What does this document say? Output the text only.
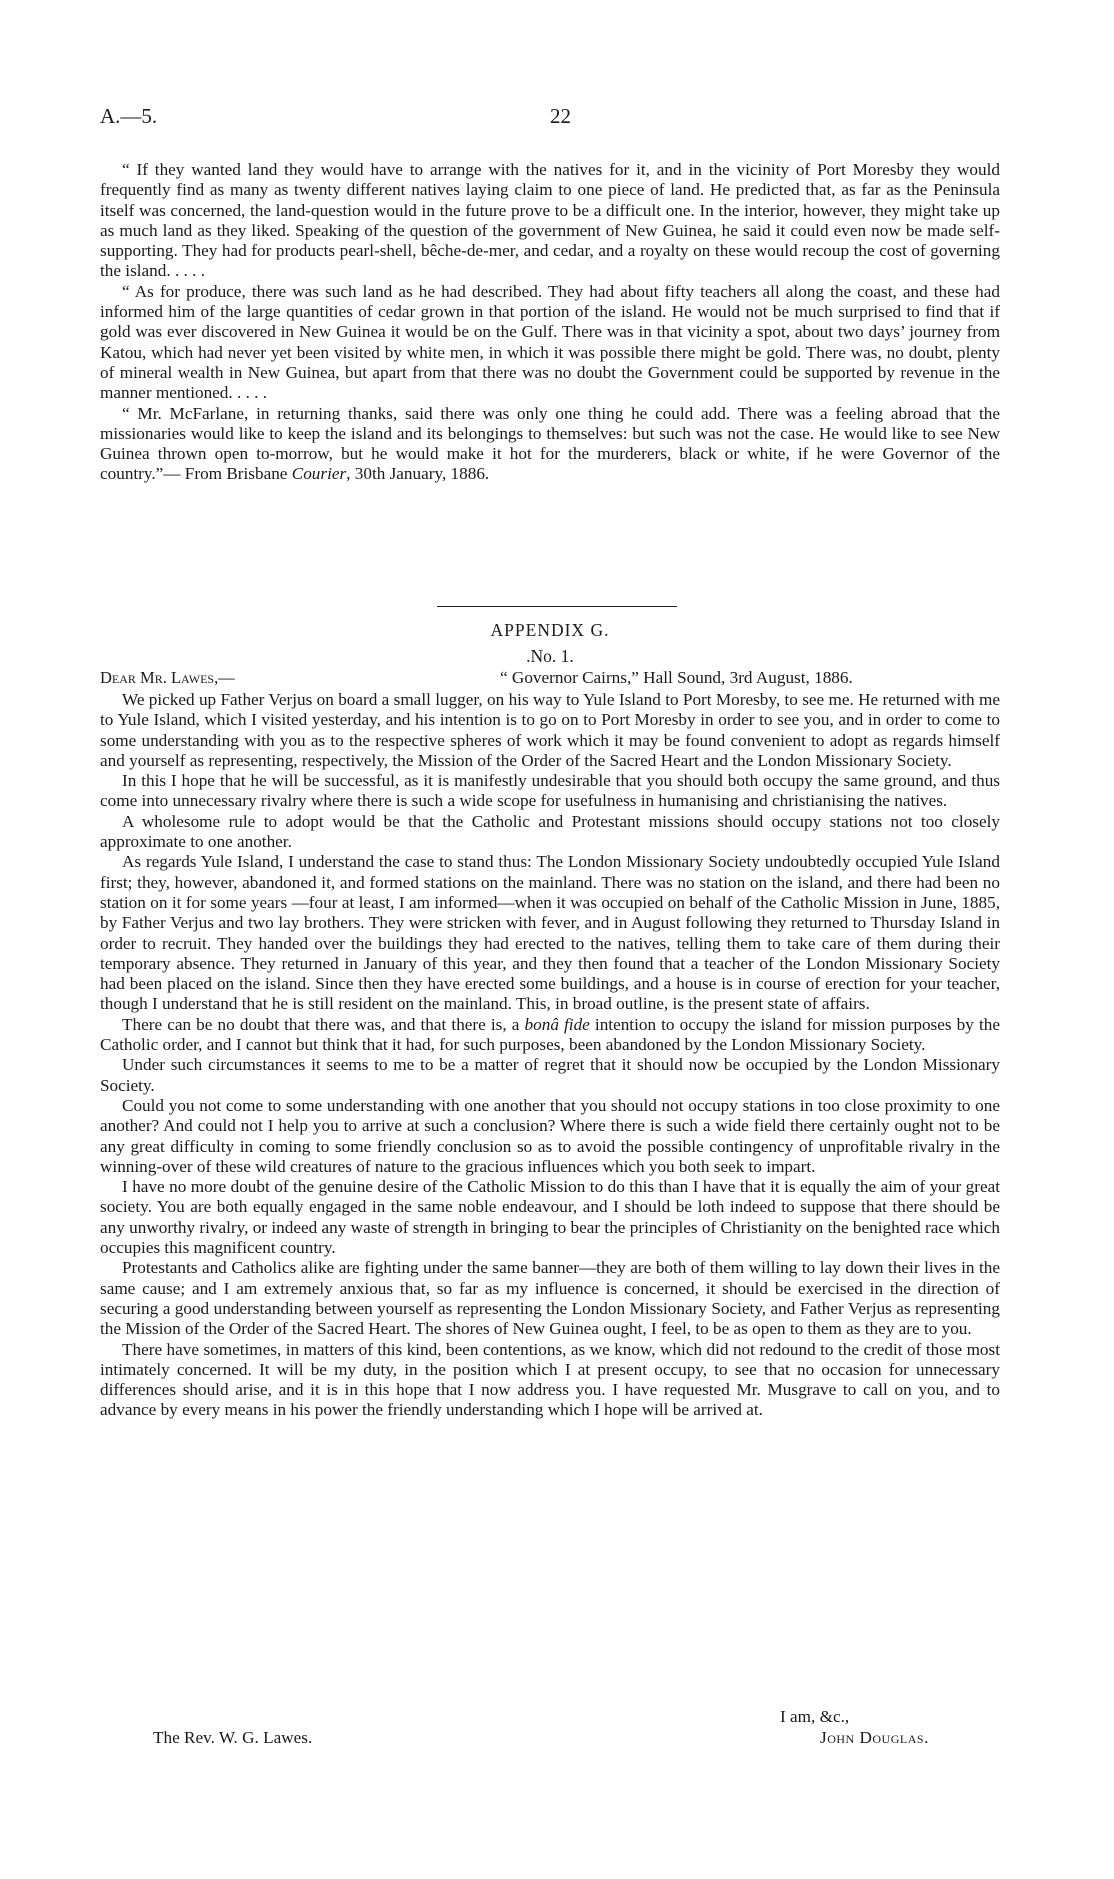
A.—5.	22

“ If they wanted land they would have to arrange with the natives for it, and in the vicinity of Port Moresby they would frequently find as many as twenty different natives laying claim to one piece of land. He predicted that, as far as the Peninsula itself was concerned, the land-question would in the future prove to be a difficult one. In the interior, however, they might take up as much land as they liked. Speaking of the question of the government of New Guinea, he said it could even now be made self-supporting. They had for products pearl-shell, bêche-de-mer, and cedar, and a royalty on these would recoup the cost of governing the island. . . . .

“ As for produce, there was such land as he had described. They had about fifty teachers all along the coast, and these had informed him of the large quantities of cedar grown in that portion of the island. He would not be much surprised to find that if gold was ever discovered in New Guinea it would be on the Gulf. There was in that vicinity a spot, about two days’ journey from Katou, which had never yet been visited by white men, in which it was possible there might be gold. There was, no doubt, plenty of mineral wealth in New Guinea, but apart from that there was no doubt the Government could be supported by revenue in the manner mentioned. . . . .

“ Mr. McFarlane, in returning thanks, said there was only one thing he could add. There was a feeling abroad that the missionaries would like to keep the island and its belongings to themselves: but such was not the case. He would like to see New Guinea thrown open to-morrow, but he would make it hot for the murderers, black or white, if he were Governor of the country.”— From Brisbane Courier, 30th January, 1886.

APPENDIX G.
.No. 1.
Dear Mr. Lawes,—	“ Governor Cairns,” Hall Sound, 3rd August, 1886.

We picked up Father Verjus on board a small lugger, on his way to Yule Island to Port Moresby, to see me. He returned with me to Yule Island, which I visited yesterday, and his intention is to go on to Port Moresby in order to see you, and in order to come to some understanding with you as to the respective spheres of work which it may be found convenient to adopt as regards himself and yourself as representing, respectively, the Mission of the Order of the Sacred Heart and the London Missionary Society.

In this I hope that he will be successful, as it is manifestly undesirable that you should both occupy the same ground, and thus come into unnecessary rivalry where there is such a wide scope for usefulness in humanising and christianising the natives.

A wholesome rule to adopt would be that the Catholic and Protestant missions should occupy stations not too closely approximate to one another.

As regards Yule Island, I understand the case to stand thus: The London Missionary Society undoubtedly occupied Yule Island first; they, however, abandoned it, and formed stations on the mainland. There was no station on the island, and there had been no station on it for some years —four at least, I am informed—when it was occupied on behalf of the Catholic Mission in June, 1885, by Father Verjus and two lay brothers. They were stricken with fever, and in August following they returned to Thursday Island in order to recruit. They handed over the buildings they had erected to the natives, telling them to take care of them during their temporary absence. They returned in January of this year, and they then found that a teacher of the London Missionary Society had been placed on the island. Since then they have erected some buildings, and a house is in course of erection for your teacher, though I understand that he is still resident on the mainland. This, in broad outline, is the present state of affairs.

There can be no doubt that there was, and that there is, a bonâ fide intention to occupy the island for mission purposes by the Catholic order, and I cannot but think that it had, for such purposes, been abandoned by the London Missionary Society.

Under such circumstances it seems to me to be a matter of regret that it should now be occupied by the London Missionary Society.

Could you not come to some understanding with one another that you should not occupy stations in too close proximity to one another? And could not I help you to arrive at such a conclusion? Where there is such a wide field there certainly ought not to be any great difficulty in coming to some friendly conclusion so as to avoid the possible contingency of unprofitable rivalry in the winning-over of these wild creatures of nature to the gracious influences which you both seek to impart.

I have no more doubt of the genuine desire of the Catholic Mission to do this than I have that it is equally the aim of your great society. You are both equally engaged in the same noble endeavour, and I should be loth indeed to suppose that there should be any unworthy rivalry, or indeed any waste of strength in bringing to bear the principles of Christianity on the benighted race which occupies this magnificent country.

Protestants and Catholics alike are fighting under the same banner—they are both of them willing to lay down their lives in the same cause; and I am extremely anxious that, so far as my influence is concerned, it should be exercised in the direction of securing a good understanding between yourself as representing the London Missionary Society, and Father Verjus as representing the Mission of the Order of the Sacred Heart. The shores of New Guinea ought, I feel, to be as open to them as they are to you.

There have sometimes, in matters of this kind, been contentions, as we know, which did not redound to the credit of those most intimately concerned. It will be my duty, in the position which I at present occupy, to see that no occasion for unnecessary differences should arise, and it is in this hope that I now address you. I have requested Mr. Musgrave to call on you, and to advance by every means in his power the friendly understanding which I hope will be arrived at.

I am, &c.,
The Rev. W. G. Lawes.	John Douglas.
